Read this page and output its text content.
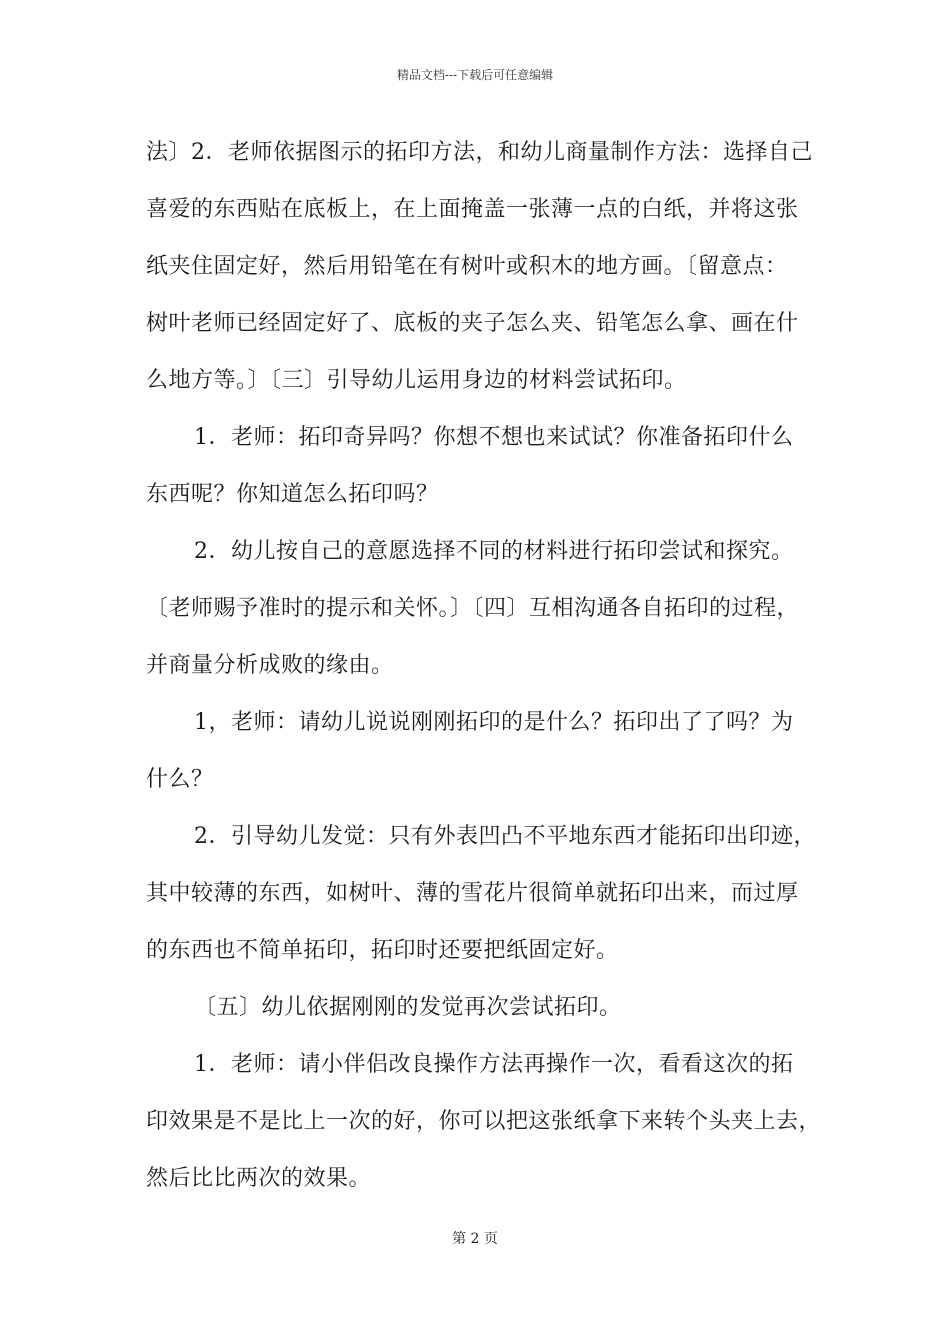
精品文档---下载后可任意编辑
法〕2．老师依据图示的拓印方法，和幼儿商量制作方法：选择自己
喜爱的东西贴在底板上，在上面掩盖一张薄一点的白纸，并将这张
纸夹住固定好，然后用铅笔在有树叶或积木的地方画。〔留意点：
树叶老师已经固定好了、底板的夹子怎么夹、铅笔怎么拿、画在什
么地方等。〕〔三〕引导幼儿运用身边的材料尝试拓印。
1．老师：拓印奇异吗？你想不想也来试试？你准备拓印什么
东西呢？你知道怎么拓印吗？
2．幼儿按自己的意愿选择不同的材料进行拓印尝试和探究。
〔老师赐予准时的提示和关怀。〕〔四〕互相沟通各自拓印的过程，
并商量分析成败的缘由。
1，老师：请幼儿说说刚刚拓印的是什么？拓印出了了吗？为
什么？
2．引导幼儿发觉：只有外表凹凸不平地东西才能拓印出印迹，
其中较薄的东西，如树叶、薄的雪花片很简单就拓印出来，而过厚
的东西也不简单拓印，拓印时还要把纸固定好。
〔五〕幼儿依据刚刚的发觉再次尝试拓印。
1．老师：请小伴侣改良操作方法再操作一次，看看这次的拓
印效果是不是比上一次的好，你可以把这张纸拿下来转个头夹上去，
然后比比两次的效果。
第 2 页
